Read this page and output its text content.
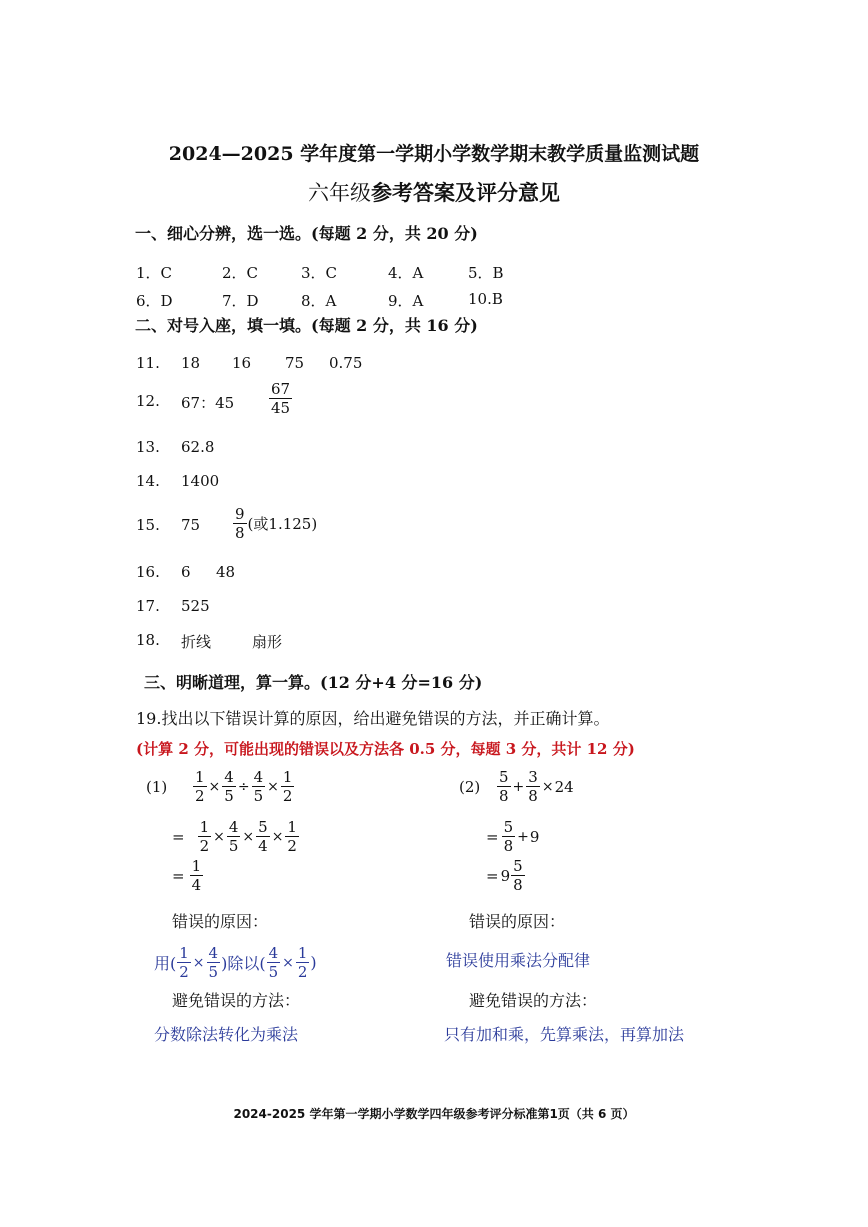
2024—2025 学年度第一学期小学数学期末教学质量监测试题
六年级参考答案及评分意见
一、细心分辨，选一选。(每题 2 分，共 20 分)
1．C	2．C	3．C	4．A	5．B
6．D	7．D	8．A	9．A	10.B
二、对号入座，填一填。(每题 2 分，共 16 分)
11. 18 16 75 0.75
12. 67：$45 \frac{67}{45}$
13. 62.8
14. 1400
15. $75 \frac{9}{8}$ (或1.125)
16. 6 48
17. 525
18. 折线	扇形
三、明晰道理，算一算。(12 分+4 分=16 分)
19.找出以下错误计算的原因，给出避免错误的方法，并正确计算。
(计算 2 分，可能出现的错误以及方法各 0.5 分，每题 3 分，共计 12 分)
$(1) \frac{1}{2} \times \frac{4}{5} \div \frac{4}{5} \times \frac{1}{2}$
= $\frac{1}{2} \times \frac{4}{5} \times \frac{5}{4} \times \frac{1}{2}$
= $\frac{1}{4}$
错误的原因：
用( $\frac{1}{2} \times \frac{4}{5}$ )除以( $\frac{4}{5} \times \frac{1}{2}$ )
避免错误的方法：
分数除法转化为乘法
$(2) \frac{5}{8} + \frac{3}{8} \times 24$
= $\frac{5}{8} + 9$
= $9 \frac{5}{8}$
错误的原因：
错误使用乘法分配律
避免错误的方法：
只有加和乘，先算乘法，再算加法
2024-2025 学年第一学期小学数学四年级参考评分标准第1页（共 6 页）
